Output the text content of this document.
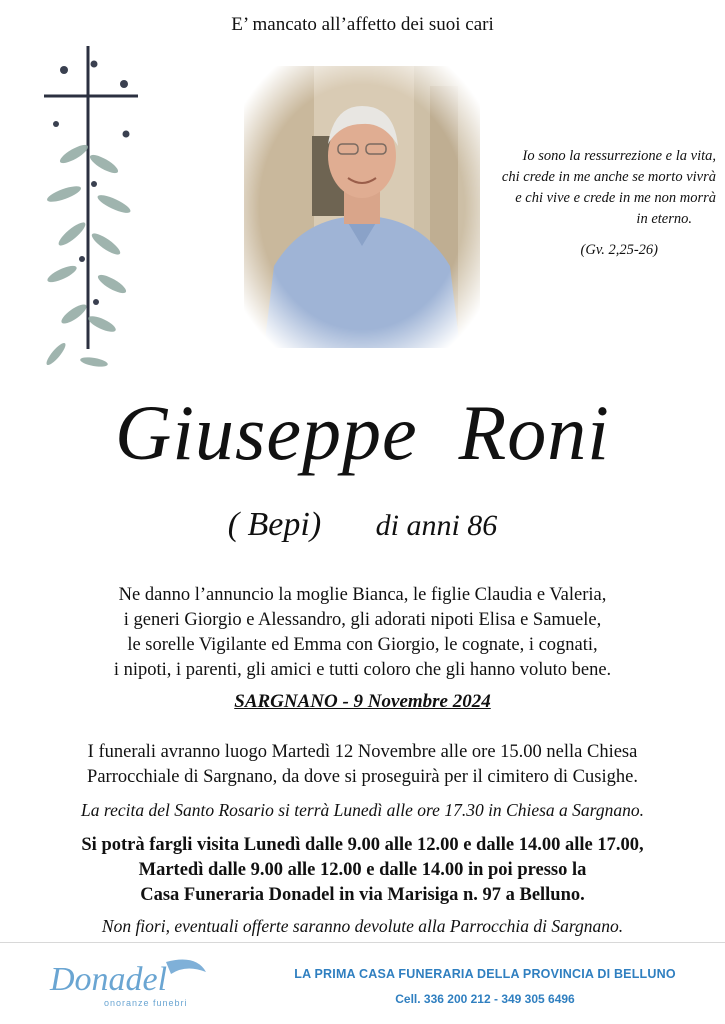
E’ mancato all’affetto dei suoi cari

Io sono la ressurrezione e la vita,

chi crede in me anche se morto vivrà

e chi vive e crede in me non morrà

in eterno.

(Gv. 2,25-26)

Giuseppe  Roni
( Bepi) di anni 86

Ne danno l’annuncio la moglie Bianca, le figlie Claudia e Valeria,

i generi Giorgio e Alessandro, gli adorati nipoti Elisa e Samuele,

le sorelle Vigilante ed Emma con Giorgio, le cognate, i cognati,

i nipoti, i parenti, gli amici e tutti coloro che gli hanno voluto bene.

SARGNANO - 9 Novembre 2024

I funerali avranno luogo Martedì 12 Novembre alle ore 15.00 nella Chiesa

Parrocchiale di Sargnano, da dove si proseguirà per il cimitero di Cusighe.

La recita del Santo Rosario si terrà Lunedì alle ore 17.30 in Chiesa a Sargnano.

Si potrà fargli visita Lunedì dalle 9.00 alle 12.00 e dalle 14.00 alle 17.00,

Martedì dalle 9.00 alle 12.00 e dalle 14.00 in poi presso la

Casa Funeraria Donadel in via Marisiga n. 97 a Belluno.

Non fiori, eventuali offerte saranno devolute alla Parrocchia di Sargnano.
Donadel
onoranze funebri
LA PRIMA CASA FUNERARIA DELLA PROVINCIA DI BELLUNO
Cell. 336 200 212 - 349 305 6496
